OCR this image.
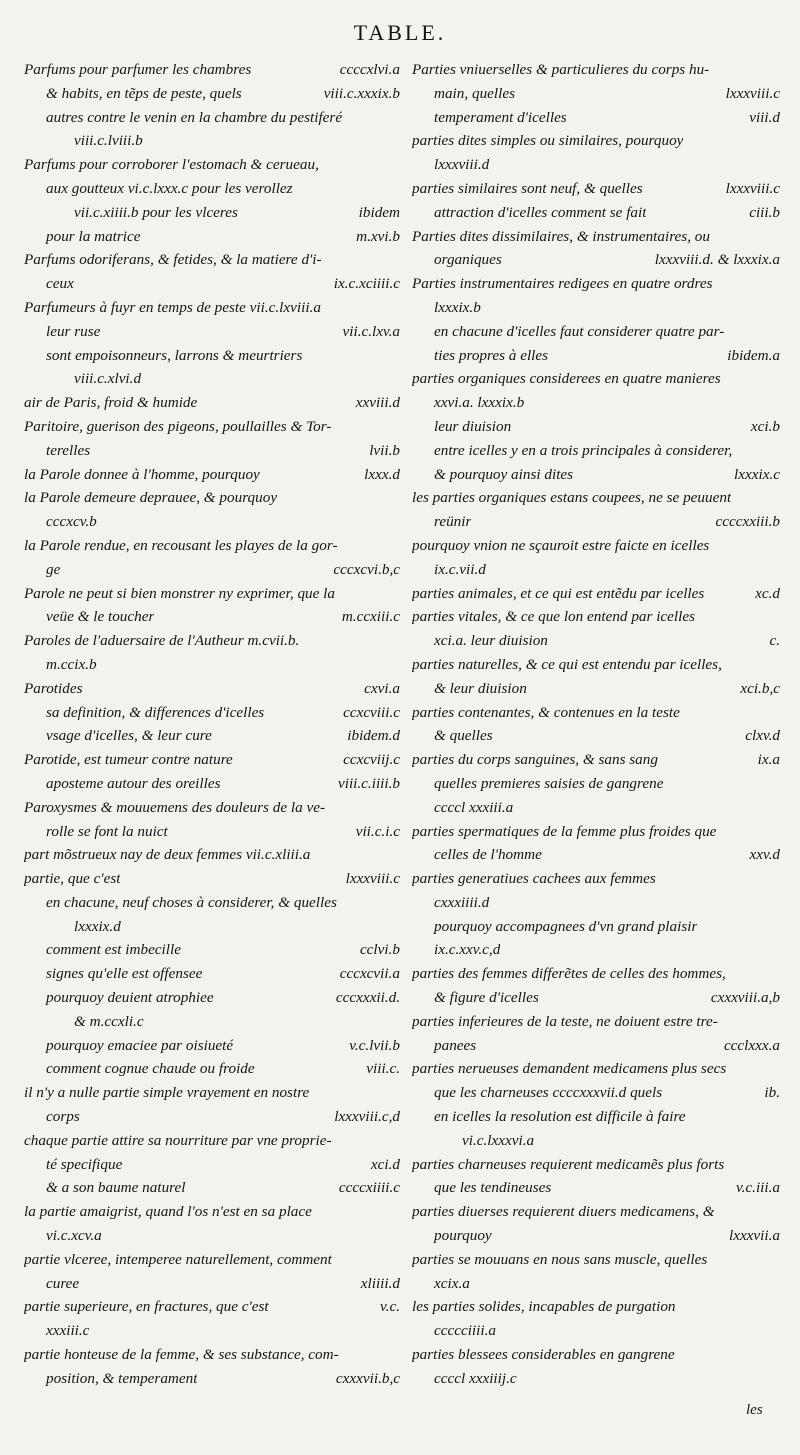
TABLE.
Parfums pour parfumer les chambres	ccccxlvi.a
& habits, en tẽps de peste, quels	viii.c.xxxix.b
autres contre le venin en la chambre du pestiferé
viii.c.lviii.b
Parfums pour corroborer l'estomach & cerueau,
aux goutteux vi.c.lxxx.c pour les verollez
vii.c.xiiii.b pour les vlceres	ibidem
pour la matrice	m.xvi.b
Parfums odoriferans, & fetides, & la matiere d'i-
ceux	ix.c.xciiii.c
Parfumeurs à fuyr en temps de peste vii.c.lxviii.a
leur ruse	vii.c.lxv.a
sont empoisonneurs, larrons & meurtriers
viii.c.xlvi.d
air de Paris, froid & humide	xxviii.d
Paritoire, guerison des pigeons, poullailles & Tor-
terelles	lvii.b
la Parole donnee à l'homme, pourquoy	lxxx.d
la Parole demeure deprauee, & pourquoy
cccxcv.b
la Parole rendue, en recousant les playes de la gor-
ge	cccxcvi.b,c
Parole ne peut si bien monstrer ny exprimer, que la
veüe & le toucher	m.ccxiii.c
Paroles de l'aduersaire de l'Autheur m.cvii.b.
m.ccix.b
Parotides	cxvi.a
sa definition, & differences d'icelles	ccxcviii.c
vsage d'icelles, & leur cure	ibidem.d
Parotide, est tumeur contre nature	ccxcviij.c
aposteme autour des oreilles	viii.c.iiii.b
Paroxysmes & mouuemens des douleurs de la ve-
rolle se font la nuict	vii.c.i.c
part mõstrueux nay de deux femmes vii.c.xliii.a
partie, que c'est	lxxxviii.c
en chacune, neuf choses à considerer, & quelles
lxxxix.d
comment est imbecille	cclvi.b
signes qu'elle est offensee	cccxcvii.a
pourquoy deuient atrophiee	cccxxxii.d.
& m.ccxli.c
pourquoy emaciee par oisiueté	v.c.lvii.b
comment cognue chaude ou froide	viii.c.
il n'y a nulle partie simple vrayement en nostre
corps	lxxxviii.c,d
chaque partie attire sa nourriture par vne proprie-
té specifique	xci.d
& a son baume naturel	ccccxiiii.c
la partie amaigrist, quand l'os n'est en sa place
vi.c.xcv.a
partie vlceree, intemperee naturellement, comment
curee	xliiii.d
partie superieure, en fractures, que c'est	v.c.
xxxiii.c
partie honteuse de la femme, & ses substance, com-
position, & temperament	cxxxvii.b,c
Parties vniuerselles & particulieres du corps hu-
main, quelles	lxxxviii.c
temperament d'icelles	viii.d
parties dites simples ou similaires, pourquoy
lxxxviii.d
parties similaires sont neuf, & quelles	lxxxviii.c
attraction d'icelles comment se fait	ciii.b
Parties dites dissimilaires, & instrumentaires, ou
organiques	lxxxviii.d. & lxxxix.a
Parties instrumentaires redigees en quatre ordres
lxxxix.b
en chacune d'icelles faut considerer quatre par-
ties propres à elles	ibidem.a
parties organiques considerees en quatre manieres
xxvi.a. lxxxix.b
leur diuision	xci.b
entre icelles y en a trois principales à considerer,
& pourquoy ainsi dites	lxxxix.c
les parties organiques estans coupees, ne se peuuent
reünir	ccccxxiii.b
pourquoy vnion ne sçauroit estre faicte en icelles
ix.c.vii.d
parties animales, et ce qui est entẽdu par icelles	xc.d
parties vitales, & ce que lon entend par icelles
xci.a. leur diuision	c.
parties naturelles, & ce qui est entendu par icelles,
& leur diuision	xci.b,c
parties contenantes, & contenues en la teste
& quelles	clxv.d
parties du corps sanguines, & sans sang	ix.a
quelles premieres saisies de gangrene
ccccl xxxiii.a
parties spermatiques de la femme plus froides que
celles de l'homme	xxv.d
parties generatiues cachees aux femmes
cxxxiiii.d
pourquoy accompagnees d'vn grand plaisir
ix.c.xxv.c,d
parties des femmes differẽtes de celles des hommes,
& figure d'icelles	cxxxviii.a,b
parties inferieures de la teste, ne doiuent estre tre-
panees	ccclxxx.a
parties nerueuses demandent medicamens plus secs
que les charneuses ccccxxxvii.d quels	ib.
en icelles la resolution est difficile à faire
vi.c.lxxxvi.a
parties charneuses requierent medicamẽs plus forts
que les tendineuses	v.c.iii.a
parties diuerses requierent diuers medicamens, &
pourquoy	lxxxvii.a
parties se mouuans en nous sans muscle, quelles
xcix.a
les parties solides, incapables de purgation
ccccciiii.a
parties blessees considerables en gangrene
ccccl xxxiiij.c
les
